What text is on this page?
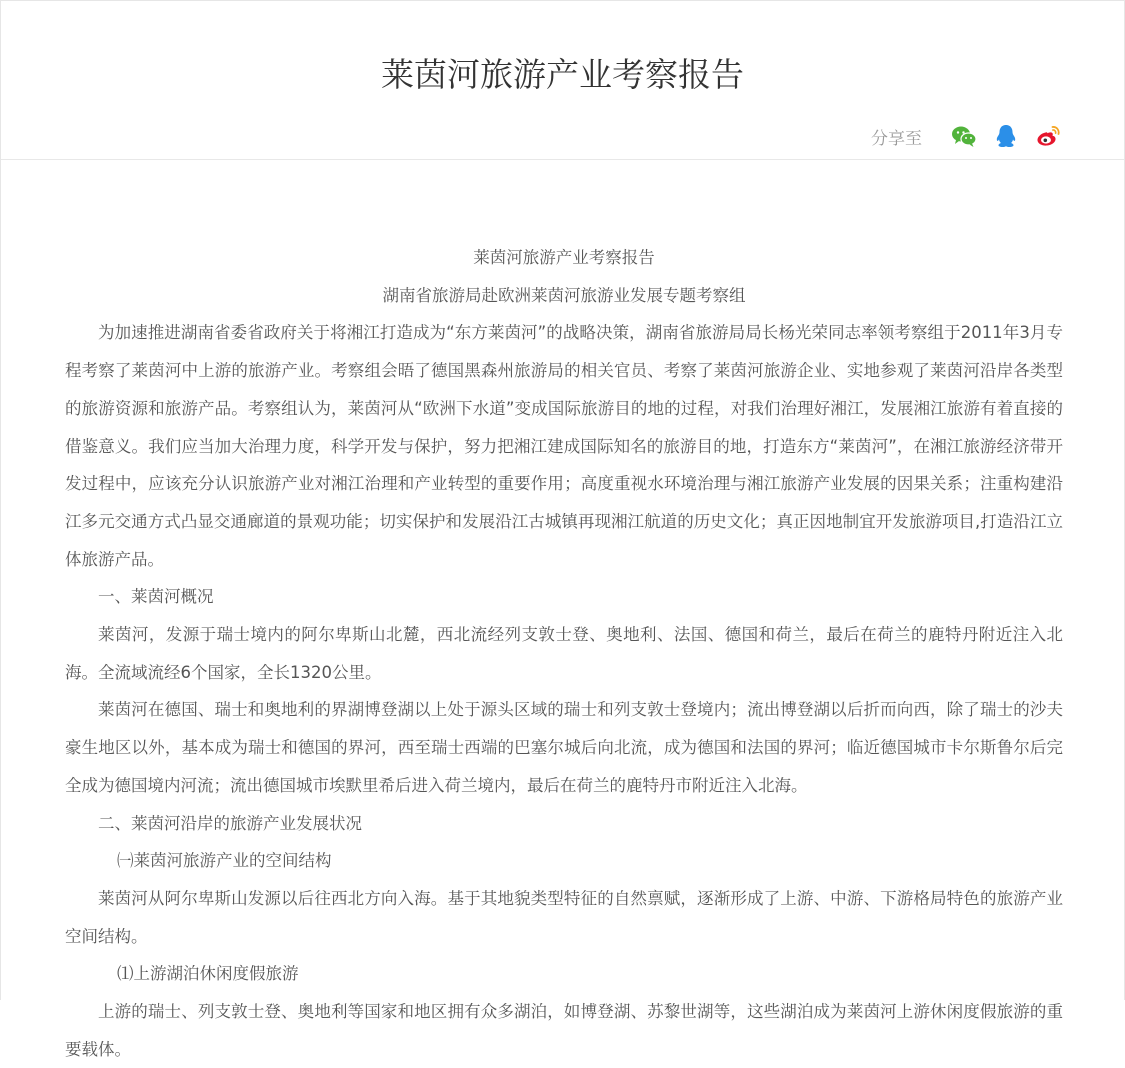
莱茵河旅游产业考察报告
分享至

莱茵河旅游产业考察报告

湖南省旅游局赴欧洲莱茵河旅游业发展专题考察组

为加速推进湖南省委省政府关于将湘江打造成为“东方莱茵河”的战略决策，湖南省旅游局局长杨光荣同志率领考察组于2011年3月专程考察了莱茵河中上游的旅游产业。考察组会晤了德国黑森州旅游局的相关官员、考察了莱茵河旅游企业、实地参观了莱茵河沿岸各类型的旅游资源和旅游产品。考察组认为，莱茵河从“欧洲下水道”变成国际旅游目的地的过程，对我们治理好湘江，发展湘江旅游有着直接的借鉴意义。我们应当加大治理力度，科学开发与保护，努力把湘江建成国际知名的旅游目的地，打造东方“莱茵河”，在湘江旅游经济带开发过程中，应该充分认识旅游产业对湘江治理和产业转型的重要作用；高度重视水环境治理与湘江旅游产业发展的因果关系；注重构建沿江多元交通方式凸显交通廊道的景观功能；切实保护和发展沿江古城镇再现湘江航道的历史文化；真正因地制宜开发旅游项目,打造沿江立体旅游产品。

一、莱茵河概况

莱茵河，发源于瑞士境内的阿尔卑斯山北麓，西北流经列支敦士登、奥地利、法国、德国和荷兰，最后在荷兰的鹿特丹附近注入北海。全流域流经6个国家，全长1320公里。

莱茵河在德国、瑞士和奥地利的界湖博登湖以上处于源头区域的瑞士和列支敦士登境内；流出博登湖以后折而向西，除了瑞士的沙夫豪生地区以外，基本成为瑞士和德国的界河，西至瑞士西端的巴塞尔城后向北流，成为德国和法国的界河；临近德国城市卡尔斯鲁尔后完全成为德国境内河流；流出德国城市埃默里希后进入荷兰境内，最后在荷兰的鹿特丹市附近注入北海。

二、莱茵河沿岸的旅游产业发展状况

㈠莱茵河旅游产业的空间结构

莱茵河从阿尔卑斯山发源以后往西北方向入海。基于其地貌类型特征的自然禀赋，逐渐形成了上游、中游、下游格局特色的旅游产业空间结构。

⑴上游湖泊休闲度假旅游

上游的瑞士、列支敦士登、奥地利等国家和地区拥有众多湖泊，如博登湖、苏黎世湖等，这些湖泊成为莱茵河上游休闲度假旅游的重要载体。
